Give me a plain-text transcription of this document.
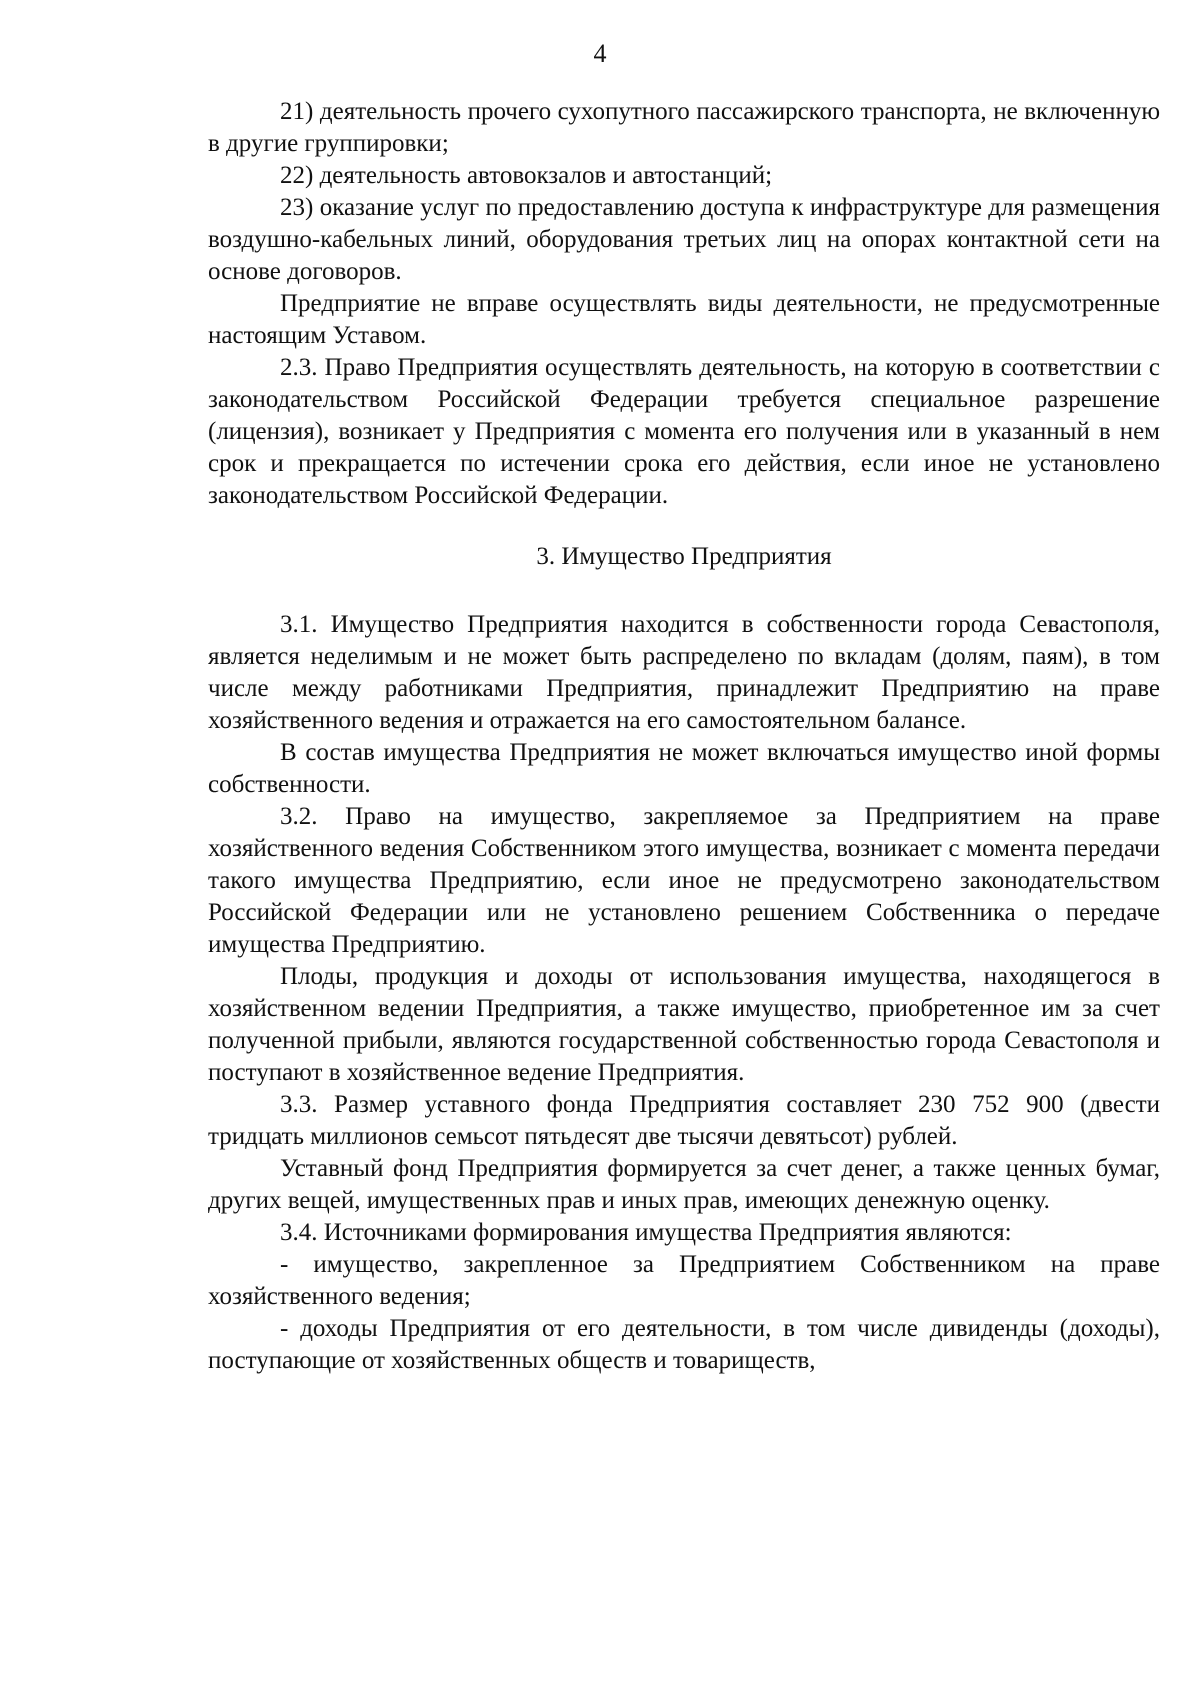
4

21) деятельность прочего сухопутного пассажирского транспорта, не включенную в другие группировки;

22) деятельность автовокзалов и автостанций;

23) оказание услуг по предоставлению доступа к инфраструктуре для размещения воздушно-кабельных линий, оборудования третьих лиц на опорах контактной сети на основе договоров.

Предприятие не вправе осуществлять виды деятельности, не предусмотренные настоящим Уставом.

2.3. Право Предприятия осуществлять деятельность, на которую в соответствии с законодательством Российской Федерации требуется специальное разрешение (лицензия), возникает у Предприятия с момента его получения или в указанный в нем срок и прекращается по истечении срока его действия, если иное не установлено законодательством Российской Федерации.

3. Имущество Предприятия

3.1. Имущество Предприятия находится в собственности города Севастополя, является неделимым и не может быть распределено по вкладам (долям, паям), в том числе между работниками Предприятия, принадлежит Предприятию на праве хозяйственного ведения и отражается на его самостоятельном балансе.

В состав имущества Предприятия не может включаться имущество иной формы собственности.

3.2. Право на имущество, закрепляемое за Предприятием на праве хозяйственного ведения Собственником этого имущества, возникает с момента передачи такого имущества Предприятию, если иное не предусмотрено законодательством Российской Федерации или не установлено решением Собственника о передаче имущества Предприятию.

Плоды, продукция и доходы от использования имущества, находящегося в хозяйственном ведении Предприятия, а также имущество, приобретенное им за счет полученной прибыли, являются государственной собственностью города Севастополя и поступают в хозяйственное ведение Предприятия.

3.3. Размер уставного фонда Предприятия составляет 230 752 900 (двести тридцать миллионов семьсот пятьдесят две тысячи девятьсот) рублей.

Уставный фонд Предприятия формируется за счет денег, а также ценных бумаг, других вещей, имущественных прав и иных прав, имеющих денежную оценку.

3.4. Источниками формирования имущества Предприятия являются:

- имущество, закрепленное за Предприятием Собственником на праве хозяйственного ведения;

- доходы Предприятия от его деятельности, в том числе дивиденды (доходы), поступающие от хозяйственных обществ и товариществ,
